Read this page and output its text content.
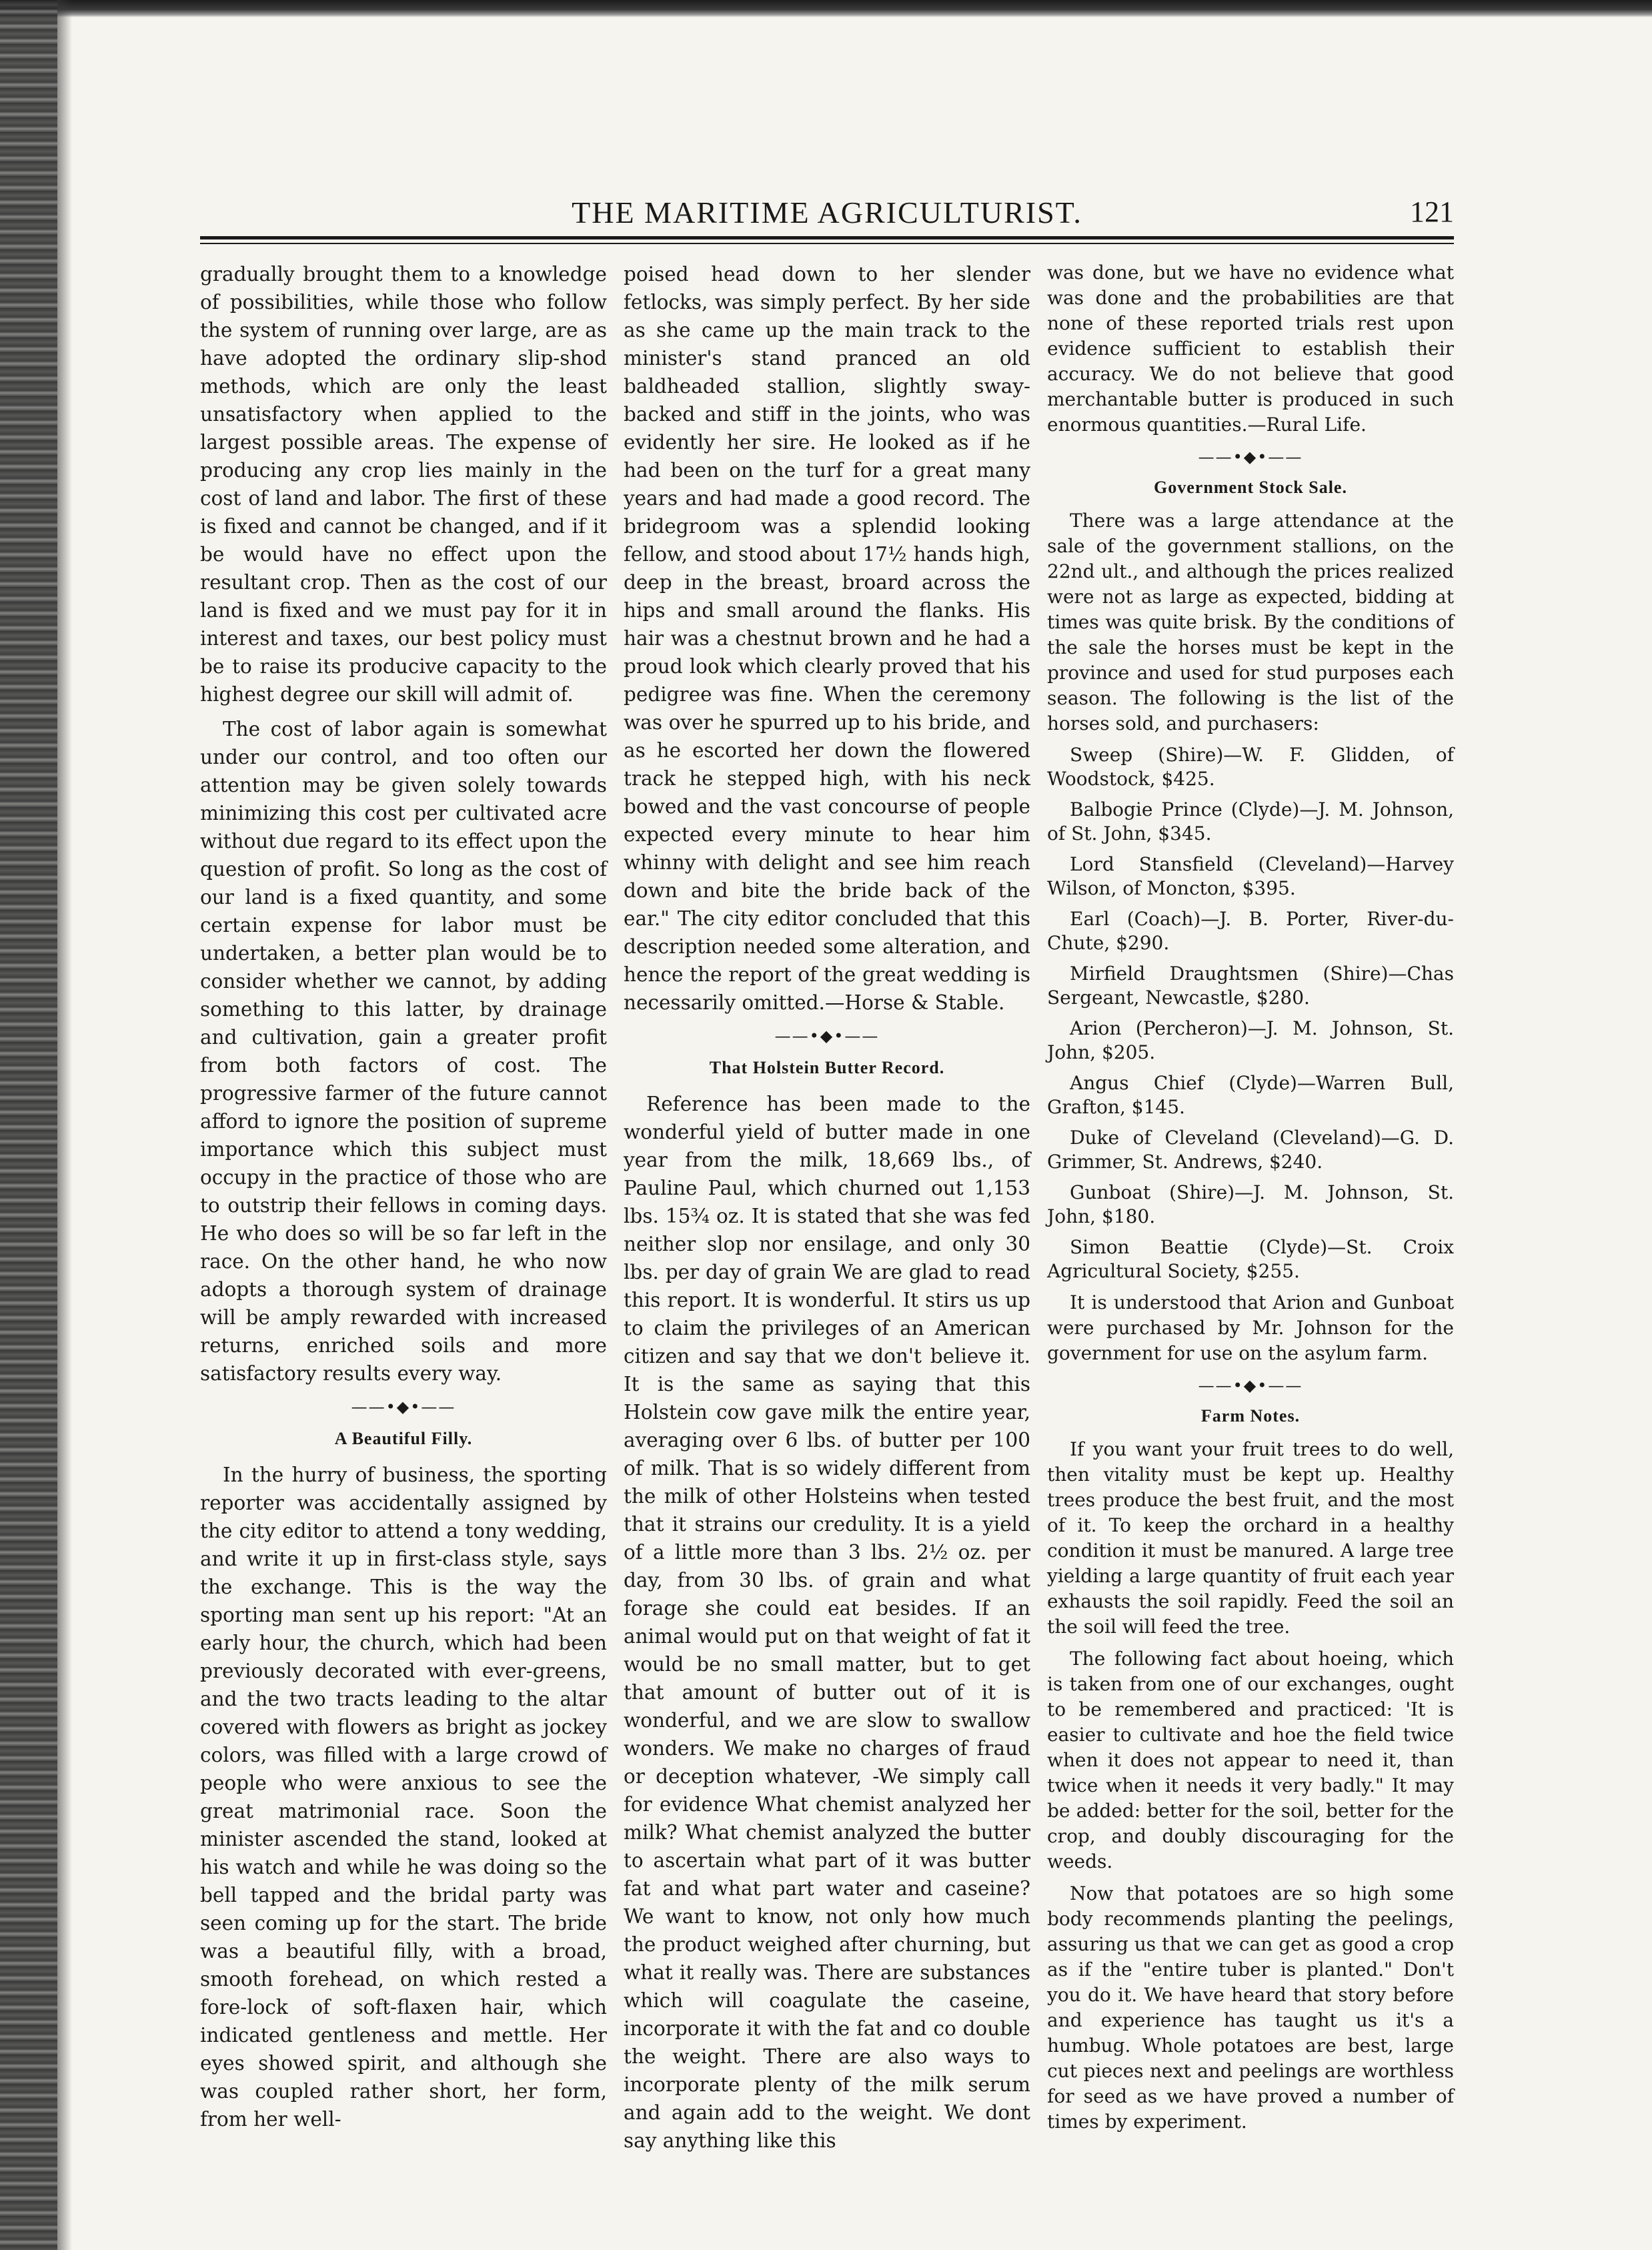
THE MARITIME AGRICULTURIST.	121

gradually brought them to a knowledge of possibilities, while those who follow the system of running over large, are as have adopted the ordinary slip-shod methods, which are only the least unsatisfactory when applied to the largest possible areas. The expense of producing any crop lies mainly in the cost of land and labor. The first of these is fixed and cannot be changed, and if it be would have no effect upon the resultant crop. Then as the cost of our land is fixed and we must pay for it in interest and taxes, our best policy must be to raise its producive capacity to the highest degree our skill will admit of.

The cost of labor again is somewhat under our control, and too often our attention may be given solely towards minimizing this cost per cultivated acre without due regard to its effect upon the question of profit. So long as the cost of our land is a fixed quantity, and some certain expense for labor must be undertaken, a better plan would be to consider whether we cannot, by adding something to this latter, by drainage and cultivation, gain a greater profit from both factors of cost. The progressive farmer of the future cannot afford to ignore the position of supreme importance which this subject must occupy in the practice of those who are to outstrip their fellows in coming days. He who does so will be so far left in the race. On the other hand, he who now adopts a thorough system of drainage will be amply rewarded with increased returns, enriched soils and more satisfactory results every way.

——•◆•——
A Beautiful Filly.

In the hurry of business, the sporting reporter was accidentally assigned by the city editor to attend a tony wedding, and write it up in first-class style, says the exchange. This is the way the sporting man sent up his report: "At an early hour, the church, which had been previously decorated with ever-greens, and the two tracts leading to the altar covered with flowers as bright as jockey colors, was filled with a large crowd of people who were anxious to see the great matrimonial race. Soon the minister ascended the stand, looked at his watch and while he was doing so the bell tapped and the bridal party was seen coming up for the start. The bride was a beautiful filly, with a broad, smooth forehead, on which rested a fore-lock of soft-flaxen hair, which indicated gentleness and mettle. Her eyes showed spirit, and although she was coupled rather short, her form, from her well-

poised head down to her slender fetlocks, was simply perfect. By her side as she came up the main track to the minister's stand pranced an old baldheaded stallion, slightly sway-backed and stiff in the joints, who was evidently her sire. He looked as if he had been on the turf for a great many years and had made a good record. The bridegroom was a splendid looking fellow, and stood about 17½ hands high, deep in the breast, broard across the hips and small around the flanks. His hair was a chestnut brown and he had a proud look which clearly proved that his pedigree was fine. When the ceremony was over he spurred up to his bride, and as he escorted her down the flowered track he stepped high, with his neck bowed and the vast concourse of people expected every minute to hear him whinny with delight and see him reach down and bite the bride back of the ear." The city editor concluded that this description needed some alteration, and hence the report of the great wedding is necessarily omitted.—Horse & Stable.

——•◆•——
That Holstein Butter Record.

Reference has been made to the wonderful yield of butter made in one year from the milk, 18,669 lbs., of Pauline Paul, which churned out 1,153 lbs. 15¾ oz. It is stated that she was fed neither slop nor ensilage, and only 30 lbs. per day of grain We are glad to read this report. It is wonderful. It stirs us up to claim the privileges of an American citizen and say that we don't believe it. It is the same as saying that this Holstein cow gave milk the entire year, averaging over 6 lbs. of butter per 100 of milk. That is so widely different from the milk of other Holsteins when tested that it strains our credulity. It is a yield of a little more than 3 lbs. 2½ oz. per day, from 30 lbs. of grain and what forage she could eat besides. If an animal would put on that weight of fat it would be no small matter, but to get that amount of butter out of it is wonderful, and we are slow to swallow wonders. We make no charges of fraud or deception whatever, -We simply call for evidence What chemist analyzed her milk? What chemist analyzed the butter to ascertain what part of it was butter fat and what part water and caseine? We want to know, not only how much the product weighed after churning, but what it really was. There are substances which will coagulate the caseine, incorporate it with the fat and co double the weight. There are also ways to incorporate plenty of the milk serum and again add to the weight. We dont say anything like this

was done, but we have no evidence what was done and the probabilities are that none of these reported trials rest upon evidence sufficient to establish their accuracy. We do not believe that good merchantable butter is produced in such enormous quantities.—Rural Life.

——•◆•——
Government Stock Sale.

There was a large attendance at the sale of the government stallions, on the 22nd ult., and although the prices realized were not as large as expected, bidding at times was quite brisk. By the conditions of the sale the horses must be kept in the province and used for stud purposes each season. The following is the list of the horses sold, and purchasers:

Sweep (Shire)—W. F. Glidden, of Woodstock, $425.

Balbogie Prince (Clyde)—J. M. Johnson, of St. John, $345.

Lord Stansfield (Cleveland)—Harvey Wilson, of Moncton, $395.

Earl (Coach)—J. B. Porter, River-du-Chute, $290.

Mirfield Draughtsmen (Shire)—Chas Sergeant, Newcastle, $280.

Arion (Percheron)—J. M. Johnson, St. John, $205.

Angus Chief (Clyde)—Warren Bull, Grafton, $145.

Duke of Cleveland (Cleveland)—G. D. Grimmer, St. Andrews, $240.

Gunboat (Shire)—J. M. Johnson, St. John, $180.

Simon Beattie (Clyde)—St. Croix Agricultural Society, $255.

It is understood that Arion and Gunboat were purchased by Mr. Johnson for the government for use on the asylum farm.

——•◆•——
Farm Notes.

If you want your fruit trees to do well, then vitality must be kept up. Healthy trees produce the best fruit, and the most of it. To keep the orchard in a healthy condition it must be manured. A large tree yielding a large quantity of fruit each year exhausts the soil rapidly. Feed the soil an the soil will feed the tree.

The following fact about hoeing, which is taken from one of our exchanges, ought to be remembered and practiced: 'It is easier to cultivate and hoe the field twice when it does not appear to need it, than twice when it needs it very badly." It may be added: better for the soil, better for the crop, and doubly discouraging for the weeds.

Now that potatoes are so high some body recommends planting the peelings, assuring us that we can get as good a crop as if the "entire tuber is planted." Don't you do it. We have heard that story before and experience has taught us it's a humbug. Whole potatoes are best, large cut pieces next and peelings are worthless for seed as we have proved a number of times by experiment.
